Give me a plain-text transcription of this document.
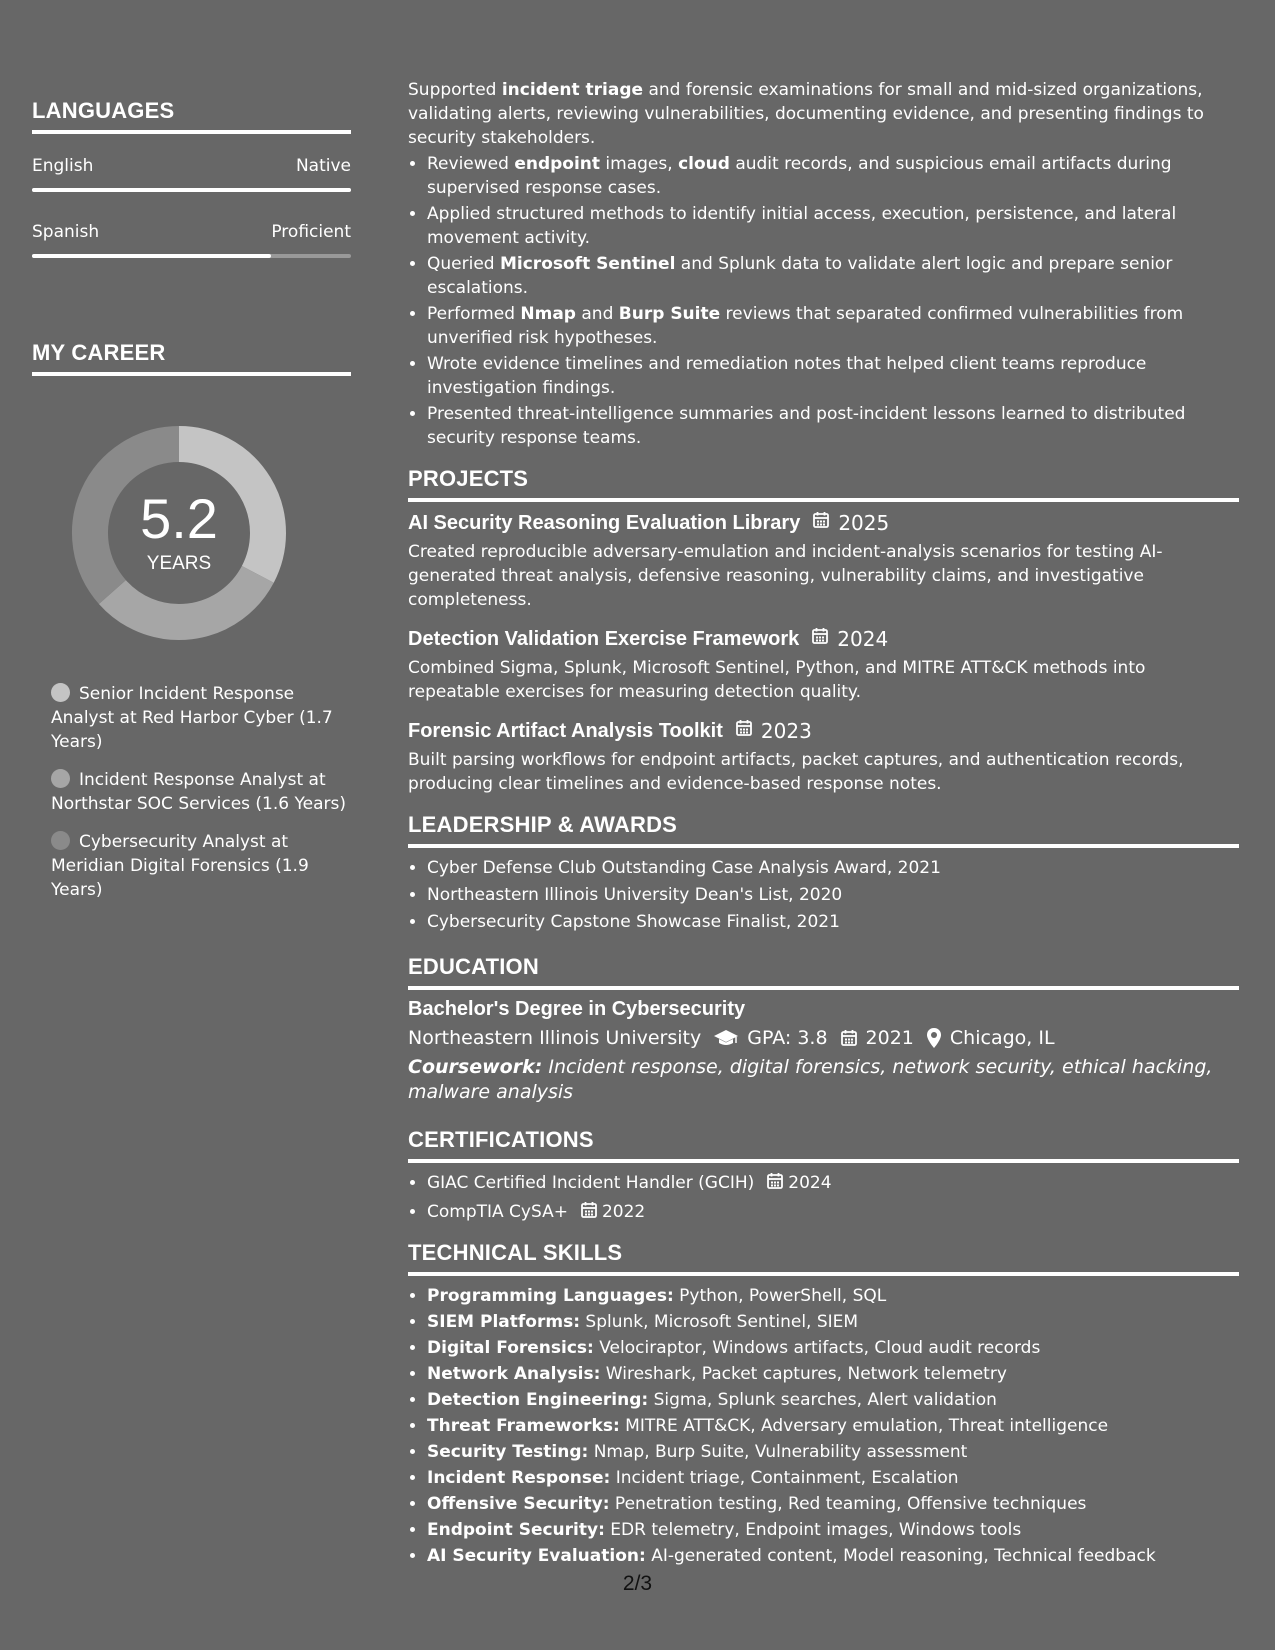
LANGUAGES
English	Native
Spanish	Proficient
MY CAREER
5.2
YEARS
Senior Incident Response Analyst at Red Harbor Cyber (1.7 Years)
Incident Response Analyst at Northstar SOC Services (1.6 Years)
Cybersecurity Analyst at Meridian Digital Forensics (1.9 Years)
Supported incident triage and forensic examinations for small and mid-sized organizations, validating alerts, reviewing vulnerabilities, documenting evidence, and presenting findings to security stakeholders.
• Reviewed endpoint images, cloud audit records, and suspicious email artifacts during supervised response cases.
• Applied structured methods to identify initial access, execution, persistence, and lateral movement activity.
• Queried Microsoft Sentinel and Splunk data to validate alert logic and prepare senior escalations.
• Performed Nmap and Burp Suite reviews that separated confirmed vulnerabilities from unverified risk hypotheses.
• Wrote evidence timelines and remediation notes that helped client teams reproduce investigation findings.
• Presented threat-intelligence summaries and post-incident lessons learned to distributed security response teams.
PROJECTS
AI Security Reasoning Evaluation Library 2025
Created reproducible adversary-emulation and incident-analysis scenarios for testing AI-generated threat analysis, defensive reasoning, vulnerability claims, and investigative completeness.
Detection Validation Exercise Framework 2024
Combined Sigma, Splunk, Microsoft Sentinel, Python, and MITRE ATT&CK methods into repeatable exercises for measuring detection quality.
Forensic Artifact Analysis Toolkit 2023
Built parsing workflows for endpoint artifacts, packet captures, and authentication records, producing clear timelines and evidence-based response notes.
LEADERSHIP & AWARDS
• Cyber Defense Club Outstanding Case Analysis Award, 2021
• Northeastern Illinois University Dean's List, 2020
• Cybersecurity Capstone Showcase Finalist, 2021
EDUCATION
Bachelor's Degree in Cybersecurity
Northeastern Illinois University GPA: 3.8 2021 Chicago, IL
Coursework: Incident response, digital forensics, network security, ethical hacking, malware analysis
CERTIFICATIONS
• GIAC Certified Incident Handler (GCIH) 2024
• CompTIA CySA+ 2022
TECHNICAL SKILLS
• Programming Languages: Python, PowerShell, SQL
• SIEM Platforms: Splunk, Microsoft Sentinel, SIEM
• Digital Forensics: Velociraptor, Windows artifacts, Cloud audit records
• Network Analysis: Wireshark, Packet captures, Network telemetry
• Detection Engineering: Sigma, Splunk searches, Alert validation
• Threat Frameworks: MITRE ATT&CK, Adversary emulation, Threat intelligence
• Security Testing: Nmap, Burp Suite, Vulnerability assessment
• Incident Response: Incident triage, Containment, Escalation
• Offensive Security: Penetration testing, Red teaming, Offensive techniques
• Endpoint Security: EDR telemetry, Endpoint images, Windows tools
• AI Security Evaluation: AI-generated content, Model reasoning, Technical feedback
2/3
